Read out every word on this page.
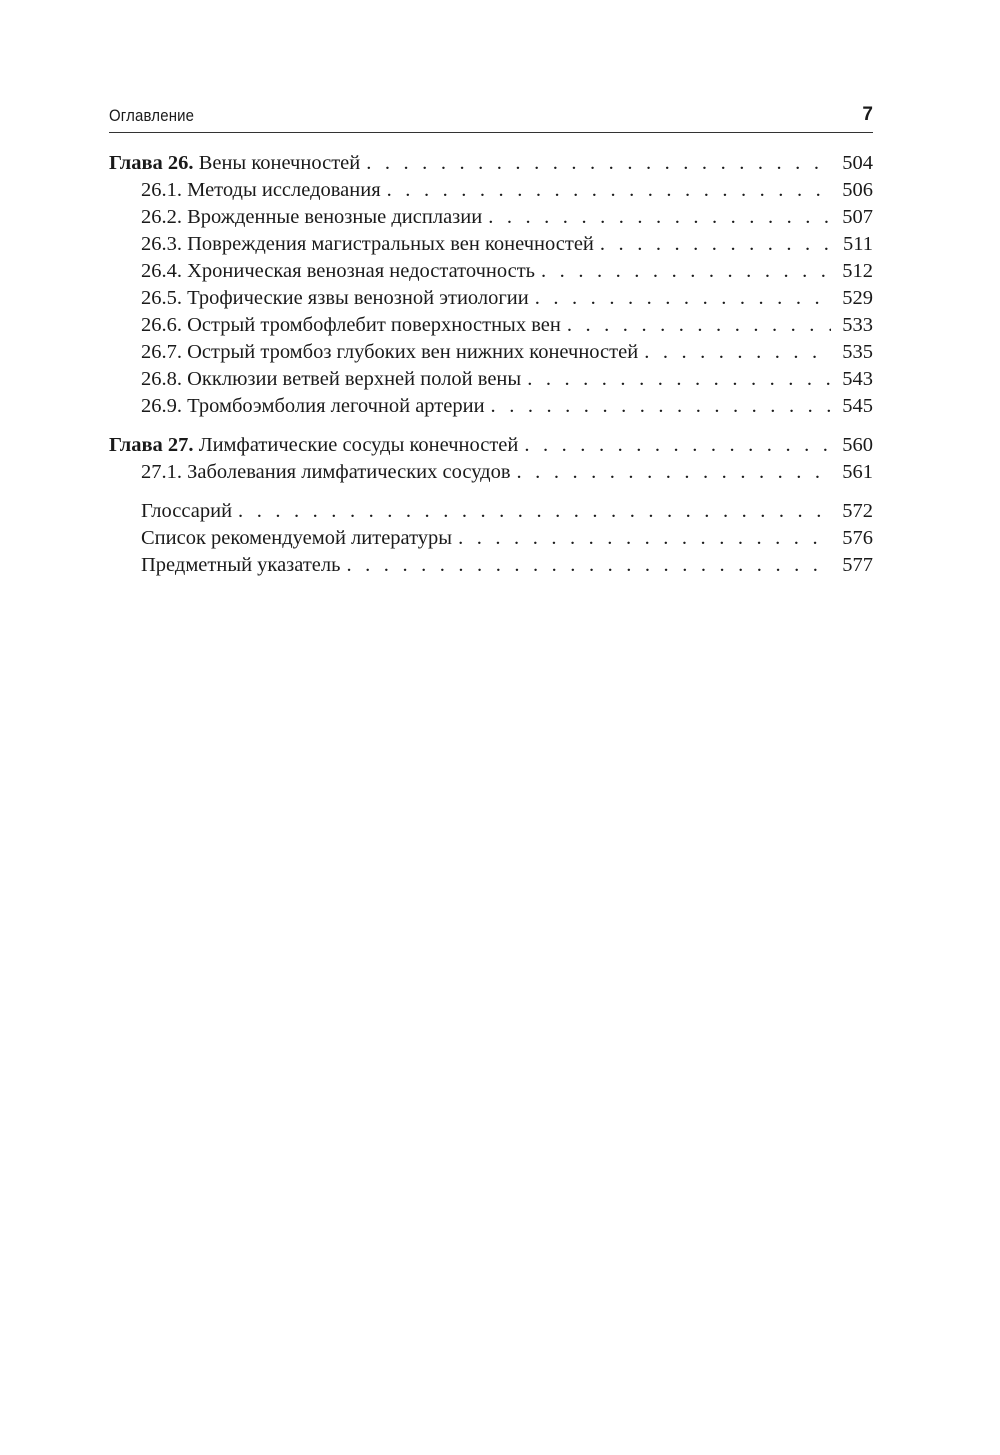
Оглавление	7
Глава 26. Вены конечностей . . .	504
26.1. Методы исследования . . .	506
26.2. Врожденные венозные дисплазии . . .	507
26.3. Повреждения магистральных вен конечностей . . .	511
26.4. Хроническая венозная недостаточность . . .	512
26.5. Трофические язвы венозной этиологии . . .	529
26.6. Острый тромбофлебит поверхностных вен . . .	533
26.7. Острый тромбоз глубоких вен нижних конечностей . . .	535
26.8. Окклюзии ветвей верхней полой вены . . .	543
26.9. Тромбоэмболия легочной артерии . . .	545
Глава 27. Лимфатические сосуды конечностей . . .	560
27.1. Заболевания лимфатических сосудов . . .	561
Глоссарий . . .	572
Список рекомендуемой литературы . . .	576
Предметный указатель . . .	577
